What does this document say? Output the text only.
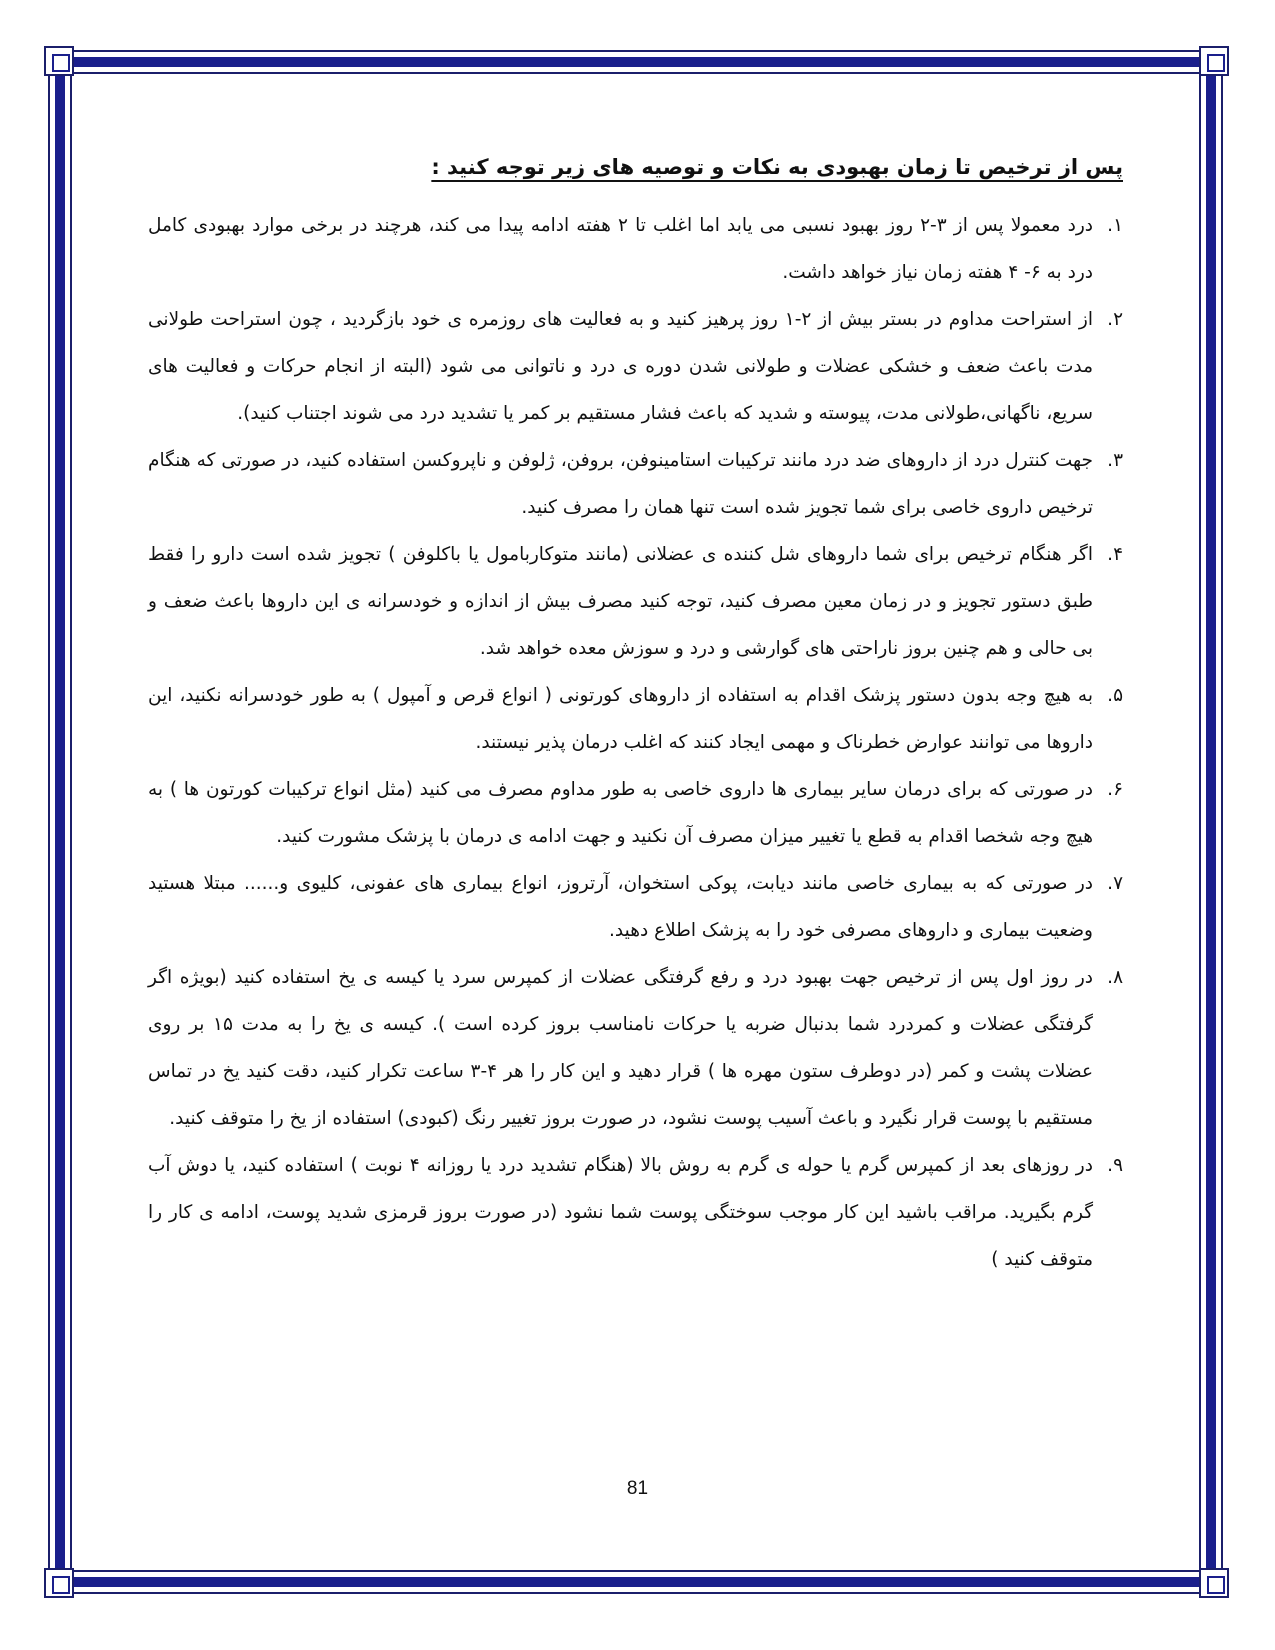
پس از ترخیص تا زمان بهبودی به نکات و توصیه های زیر توجه کنید :
۱.
درد معمولا پس از ۳-۲ روز بهبود نسبی می یابد اما اغلب تا ۲ هفته ادامه پیدا می کند، هرچند در برخی موارد بهبودی کامل درد به ۶- ۴ هفته زمان نیاز خواهد داشت.
۲.
از استراحت مداوم در بستر بیش از ۲-۱ روز پرهیز کنید و به فعالیت های روزمره ی خود بازگردید ، چون استراحت طولانی مدت باعث ضعف و خشکی عضلات و طولانی شدن دوره ی درد و ناتوانی می شود (البته از انجام حرکات و فعالیت های سریع، ناگهانی،طولانی مدت، پیوسته و شدید که باعث فشار مستقیم بر کمر یا تشدید درد می شوند اجتناب کنید).
۳.
جهت کنترل درد از داروهای ضد درد مانند ترکیبات استامینوفن، بروفن، ژلوفن و ناپروکسن استفاده کنید، در صورتی که هنگام ترخیص داروی خاصی برای شما تجویز شده است تنها همان را مصرف کنید.
۴.
اگر هنگام ترخیص برای شما داروهای شل کننده ی عضلانی (مانند متوکاربامول یا باکلوفن ) تجویز شده است دارو را فقط طبق دستور تجویز و در زمان معین مصرف کنید، توجه کنید مصرف بیش از اندازه و خودسرانه ی این داروها باعث ضعف و بی حالی و هم چنین بروز ناراحتی های گوارشی و درد و سوزش معده خواهد شد.
۵.
به هیچ وجه بدون دستور پزشک اقدام به استفاده از داروهای کورتونی ( انواع قرص و آمپول ) به طور خودسرانه نکنید، این داروها می توانند عوارض خطرناک و مهمی ایجاد کنند که اغلب درمان پذیر نیستند.
۶.
در صورتی که برای درمان سایر بیماری ها داروی خاصی به طور مداوم مصرف می کنید (مثل انواع ترکیبات کورتون ها ) به هیچ وجه شخصا اقدام به قطع یا تغییر میزان مصرف آن نکنید و جهت ادامه ی درمان با پزشک مشورت کنید.
۷.
در صورتی که به بیماری خاصی مانند دیابت، پوکی استخوان، آرتروز، انواع بیماری های عفونی، کلیوی و...... مبتلا هستید وضعیت بیماری و داروهای مصرفی خود را به پزشک اطلاع دهید.
۸.
در روز اول پس از ترخیص جهت بهبود درد و رفع گرفتگی عضلات از کمپرس سرد یا کیسه ی یخ استفاده کنید (بویژه اگر گرفتگی عضلات و کمردرد شما بدنبال ضربه یا حرکات نامناسب بروز کرده است ). کیسه ی یخ را به مدت ۱۵ بر روی عضلات پشت و کمر (در دوطرف ستون مهره ها ) قرار دهید و این کار را هر ۴-۳ ساعت تکرار کنید، دقت کنید یخ در تماس مستقیم با پوست قرار نگیرد و باعث آسیب پوست نشود، در صورت بروز تغییر رنگ (کبودی) استفاده از یخ را متوقف کنید.
۹.
در روزهای بعد از کمپرس گرم یا حوله ی گرم به روش بالا (هنگام تشدید درد یا روزانه ۴ نوبت ) استفاده کنید، یا دوش آب گرم بگیرید. مراقب باشید این کار موجب سوختگی پوست شما نشود (در صورت بروز قرمزی شدید پوست، ادامه ی کار را متوقف کنید )
81
